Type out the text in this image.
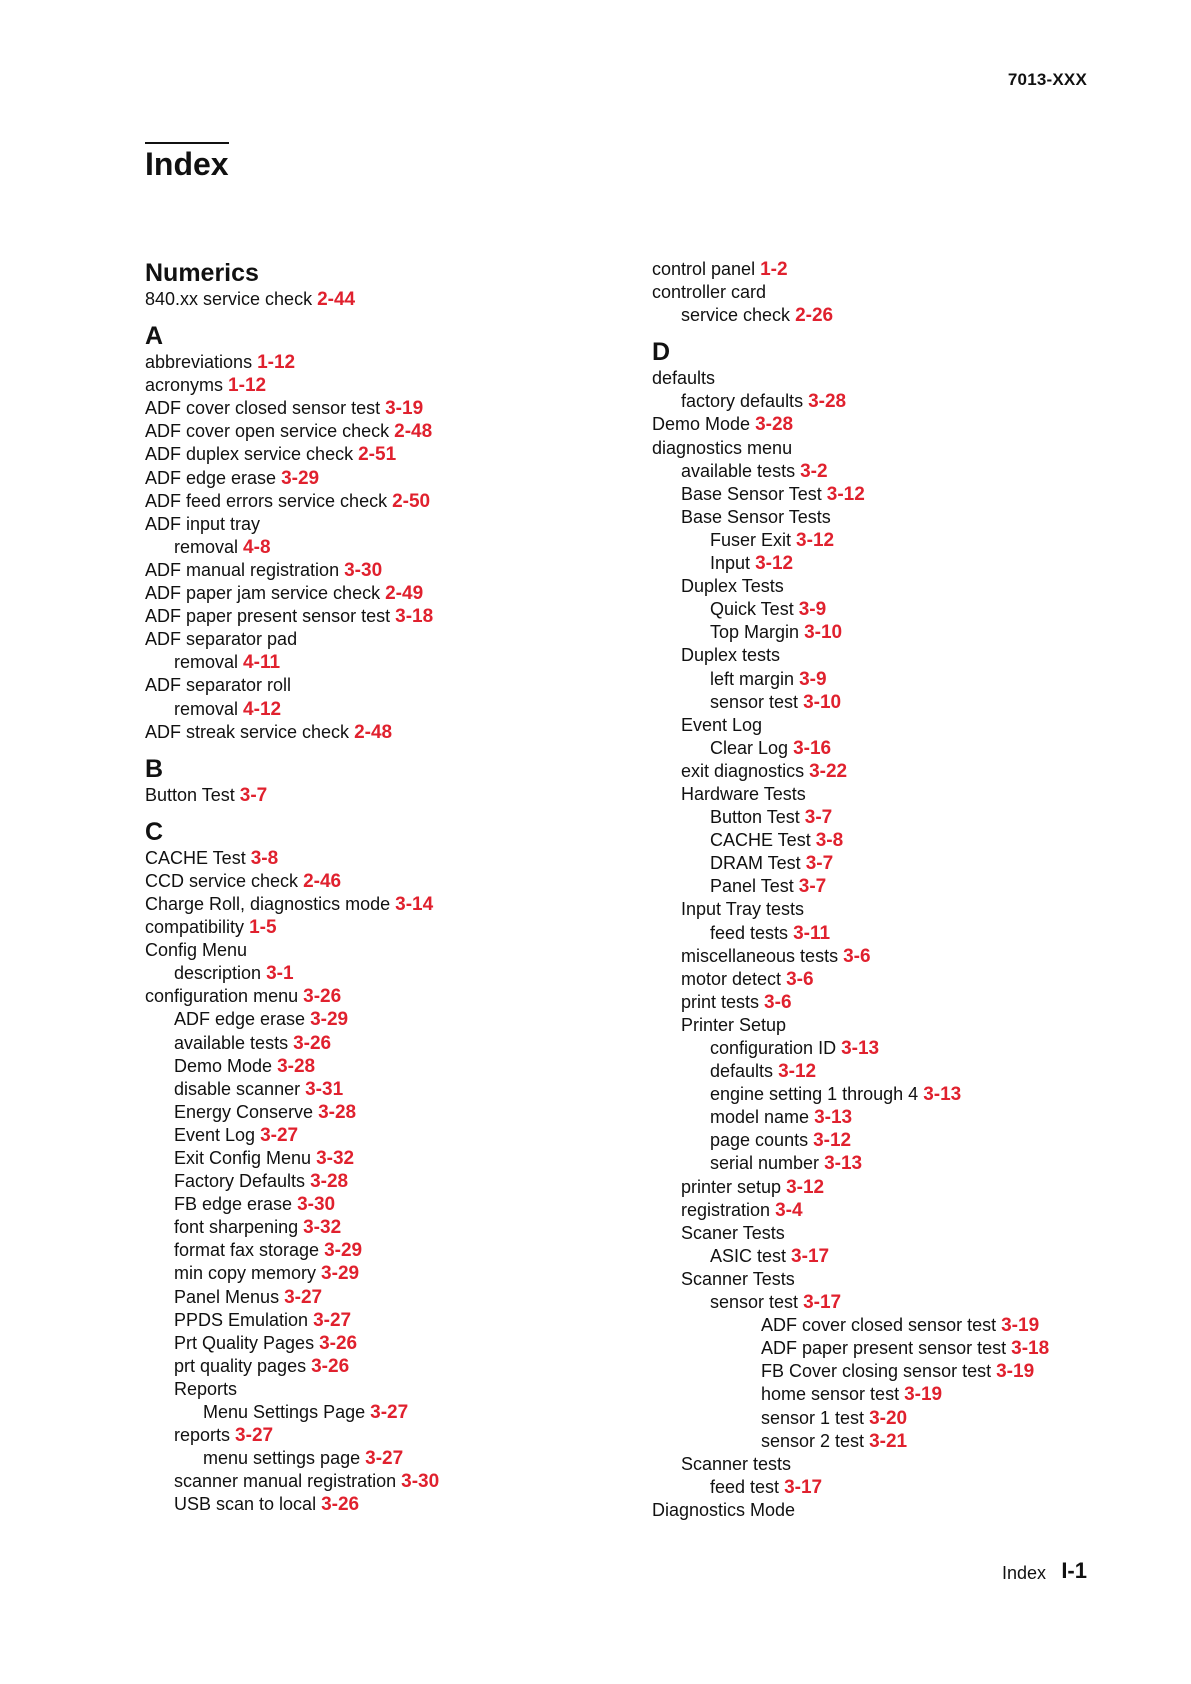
7013-XXX
Index
Numerics
840.xx service check 2-44
A
abbreviations 1-12
acronyms 1-12
ADF cover closed sensor test 3-19
ADF cover open service check 2-48
ADF duplex service check 2-51
ADF edge erase 3-29
ADF feed errors service check 2-50
ADF input tray
removal 4-8
ADF manual registration 3-30
ADF paper jam service check 2-49
ADF paper present sensor test 3-18
ADF separator pad
removal 4-11
ADF separator roll
removal 4-12
ADF streak service check 2-48
B
Button Test 3-7
C
CACHE Test 3-8
CCD service check 2-46
Charge Roll, diagnostics mode 3-14
compatibility 1-5
Config Menu
description 3-1
configuration menu 3-26
ADF edge erase 3-29
available tests 3-26
Demo Mode 3-28
disable scanner 3-31
Energy Conserve 3-28
Event Log 3-27
Exit Config Menu 3-32
Factory Defaults 3-28
FB edge erase 3-30
font sharpening 3-32
format fax storage 3-29
min copy memory 3-29
Panel Menus 3-27
PPDS Emulation 3-27
Prt Quality Pages 3-26
prt quality pages 3-26
Reports
Menu Settings Page 3-27
reports 3-27
menu settings page 3-27
scanner manual registration 3-30
USB scan to local 3-26
control panel 1-2
controller card
service check 2-26
D
defaults
factory defaults 3-28
Demo Mode 3-28
diagnostics menu
available tests 3-2
Base Sensor Test 3-12
Base Sensor Tests
Fuser Exit 3-12
Input 3-12
Duplex Tests
Quick Test 3-9
Top Margin 3-10
Duplex tests
left margin 3-9
sensor test 3-10
Event Log
Clear Log 3-16
exit diagnostics 3-22
Hardware Tests
Button Test 3-7
CACHE Test 3-8
DRAM Test 3-7
Panel Test 3-7
Input Tray tests
feed tests 3-11
miscellaneous tests 3-6
motor detect 3-6
print tests 3-6
Printer Setup
configuration ID 3-13
defaults 3-12
engine setting 1 through 4 3-13
model name 3-13
page counts 3-12
serial number 3-13
printer setup 3-12
registration 3-4
Scaner Tests
ASIC test 3-17
Scanner Tests
sensor test 3-17
ADF cover closed sensor test 3-19
ADF paper present sensor test 3-18
FB Cover closing sensor test 3-19
home sensor test 3-19
sensor 1 test 3-20
sensor 2 test 3-21
Scanner tests
feed test 3-17
Diagnostics Mode
Index I-1
